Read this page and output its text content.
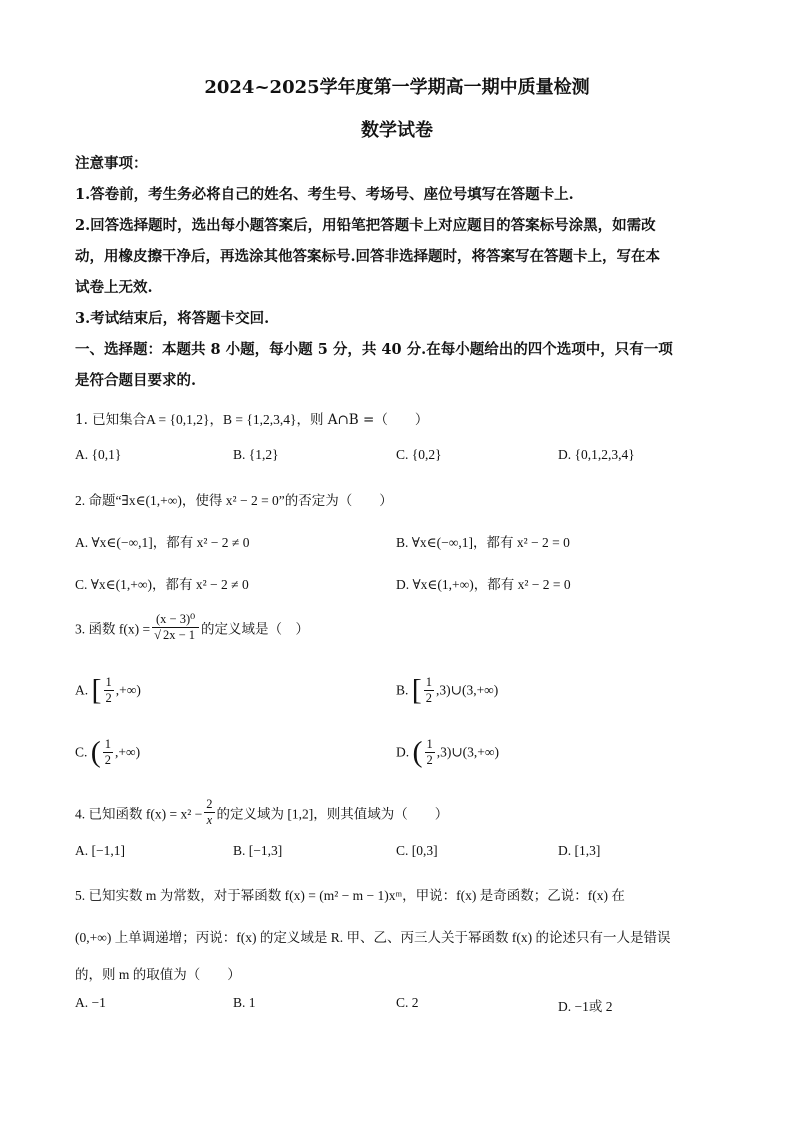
2024~2025学年度第一学期高一期中质量检测
数学试卷
注意事项：
1.答卷前，考生务必将自己的姓名、考生号、考场号、座位号填写在答题卡上.
2.回答选择题时，选出每小题答案后，用铅笔把答题卡上对应题目的答案标号涂黑，如需改
动，用橡皮擦干净后，再选涂其他答案标号.回答非选择题时，将答案写在答题卡上，写在本
试卷上无效.
3.考试结束后，将答题卡交回.
一、选择题：本题共 8 小题，每小题 5 分，共 40 分.在每小题给出的四个选项中，只有一项
是符合题目要求的.
1. 已知集合A = {0,1,2}，B = {1,2,3,4}，则 A∩B =（　　）
A. {0,1}	B. {1,2}	C. {0,2}	D. {0,1,2,3,4}
2. 命题“∃x∈(1,+∞)，使得 x² − 2 = 0”的否定为（　　）
A. ∀x∈(−∞,1]，都有 x² − 2 ≠ 0	B. ∀x∈(−∞,1]，都有 x² − 2 = 0
C. ∀x∈(1,+∞)，都有 x² − 2 ≠ 0	D. ∀x∈(1,+∞)，都有 x² − 2 = 0
3. 函数 $f(x) = \frac{\text{(x − 3)⁰}}{√ 2x - 1}$ 的定义域是（　）
A. [ $\frac{1}{2}$ ,+∞)	B. [ $\frac{1}{2}$ ,3)∪(3,+∞)
C. ( $\frac{1}{2}$ ,+∞)	D. ( $\frac{1}{2}$ ,3)∪(3,+∞)
4. 已知函数 $f(x) = x^2 - \frac{2}{x}$ 的定义域为 [1,2]，则其值域为（　　）
A. [−1,1]	B. [−1,3]	C. [0,3]	D. [1,3]
5. 已知实数 m 为常数，对于幂函数 f(x) = (m² − m − 1)xᵐ，甲说：f(x) 是奇函数；乙说：f(x) 在
(0,+∞) 上单调递增；丙说：f(x) 的定义域是 R. 甲、乙、丙三人关于幂函数 f(x) 的论述只有一人是错误
的，则 m 的取值为（　　）
A. −1	B. 1	C. 2	D. −1或 2
